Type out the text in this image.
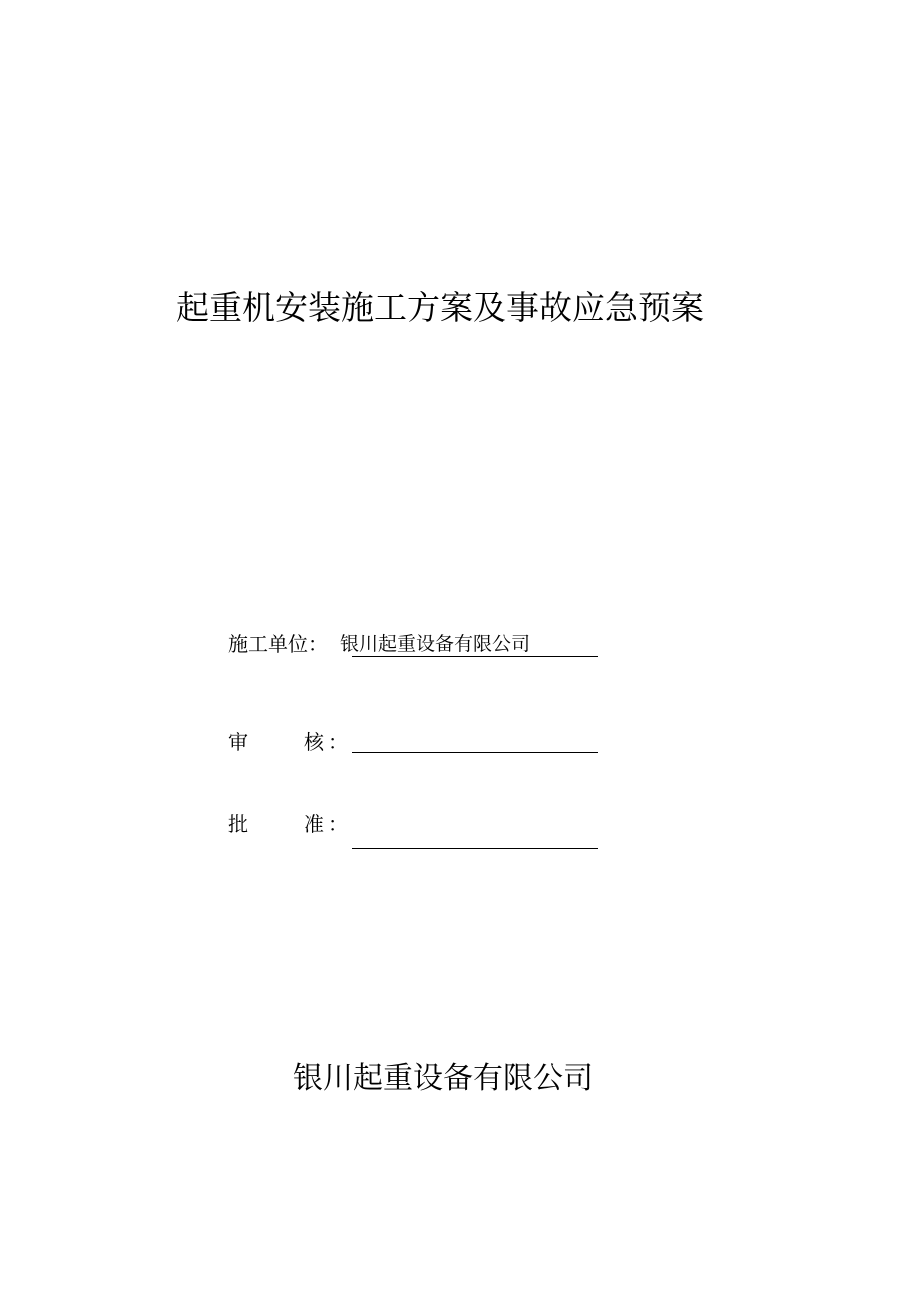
起重机安装施工方案及事故应急预案
施工单位： 银川起重设备有限公司
审	核 ：
批	准 ：
银川起重设备有限公司
